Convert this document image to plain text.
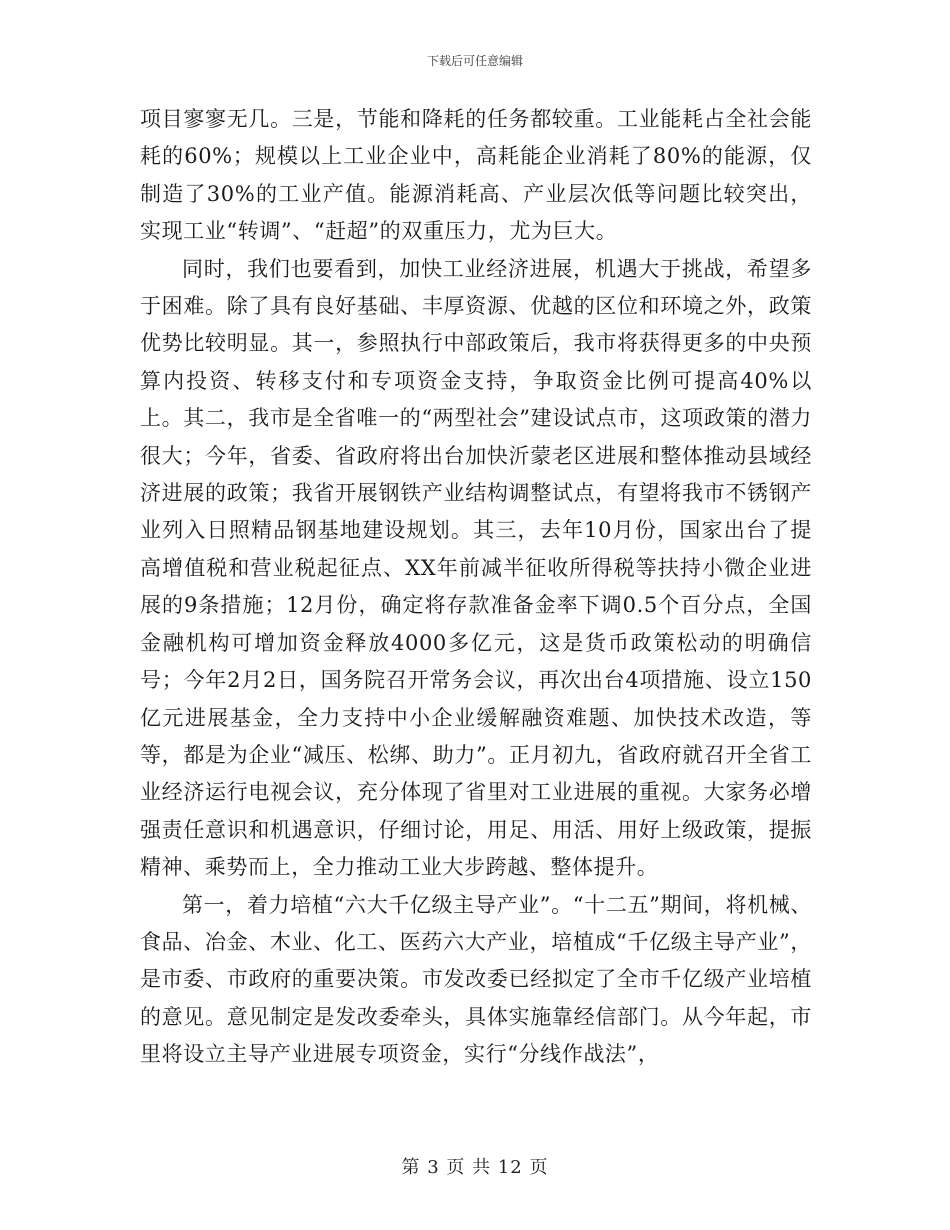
下载后可任意编辑

项目寥寥无几。三是，节能和降耗的任务都较重。工业能耗占全社会能耗的60%；规模以上工业企业中，高耗能企业消耗了80%的能源，仅制造了30%的工业产值。能源消耗高、产业层次低等问题比较突出，实现工业“转调”、“赶超”的双重压力，尤为巨大。

同时，我们也要看到，加快工业经济进展，机遇大于挑战，希望多于困难。除了具有良好基础、丰厚资源、优越的区位和环境之外，政策优势比较明显。其一，参照执行中部政策后，我市将获得更多的中央预算内投资、转移支付和专项资金支持，争取资金比例可提高40%以上。其二，我市是全省唯一的“两型社会”建设试点市，这项政策的潜力很大；今年，省委、省政府将出台加快沂蒙老区进展和整体推动县域经济进展的政策；我省开展钢铁产业结构调整试点，有望将我市不锈钢产业列入日照精品钢基地建设规划。其三，去年10月份，国家出台了提高增值税和营业税起征点、XX年前减半征收所得税等扶持小微企业进展的9条措施；12月份，确定将存款准备金率下调0.5个百分点，全国金融机构可增加资金释放4000多亿元，这是货币政策松动的明确信号；今年2月2日，国务院召开常务会议，再次出台4项措施、设立150亿元进展基金，全力支持中小企业缓解融资难题、加快技术改造，等等，都是为企业“减压、松绑、助力”。正月初九，省政府就召开全省工业经济运行电视会议，充分体现了省里对工业进展的重视。大家务必增强责任意识和机遇意识，仔细讨论，用足、用活、用好上级政策，提振精神、乘势而上，全力推动工业大步跨越、整体提升。

第一，着力培植“六大千亿级主导产业”。“十二五”期间，将机械、食品、冶金、木业、化工、医药六大产业，培植成“千亿级主导产业”，是市委、市政府的重要决策。市发改委已经拟定了全市千亿级产业培植的意见。意见制定是发改委牵头，具体实施靠经信部门。从今年起，市里将设立主导产业进展专项资金，实行“分线作战法”，

第 3 页 共 12 页
